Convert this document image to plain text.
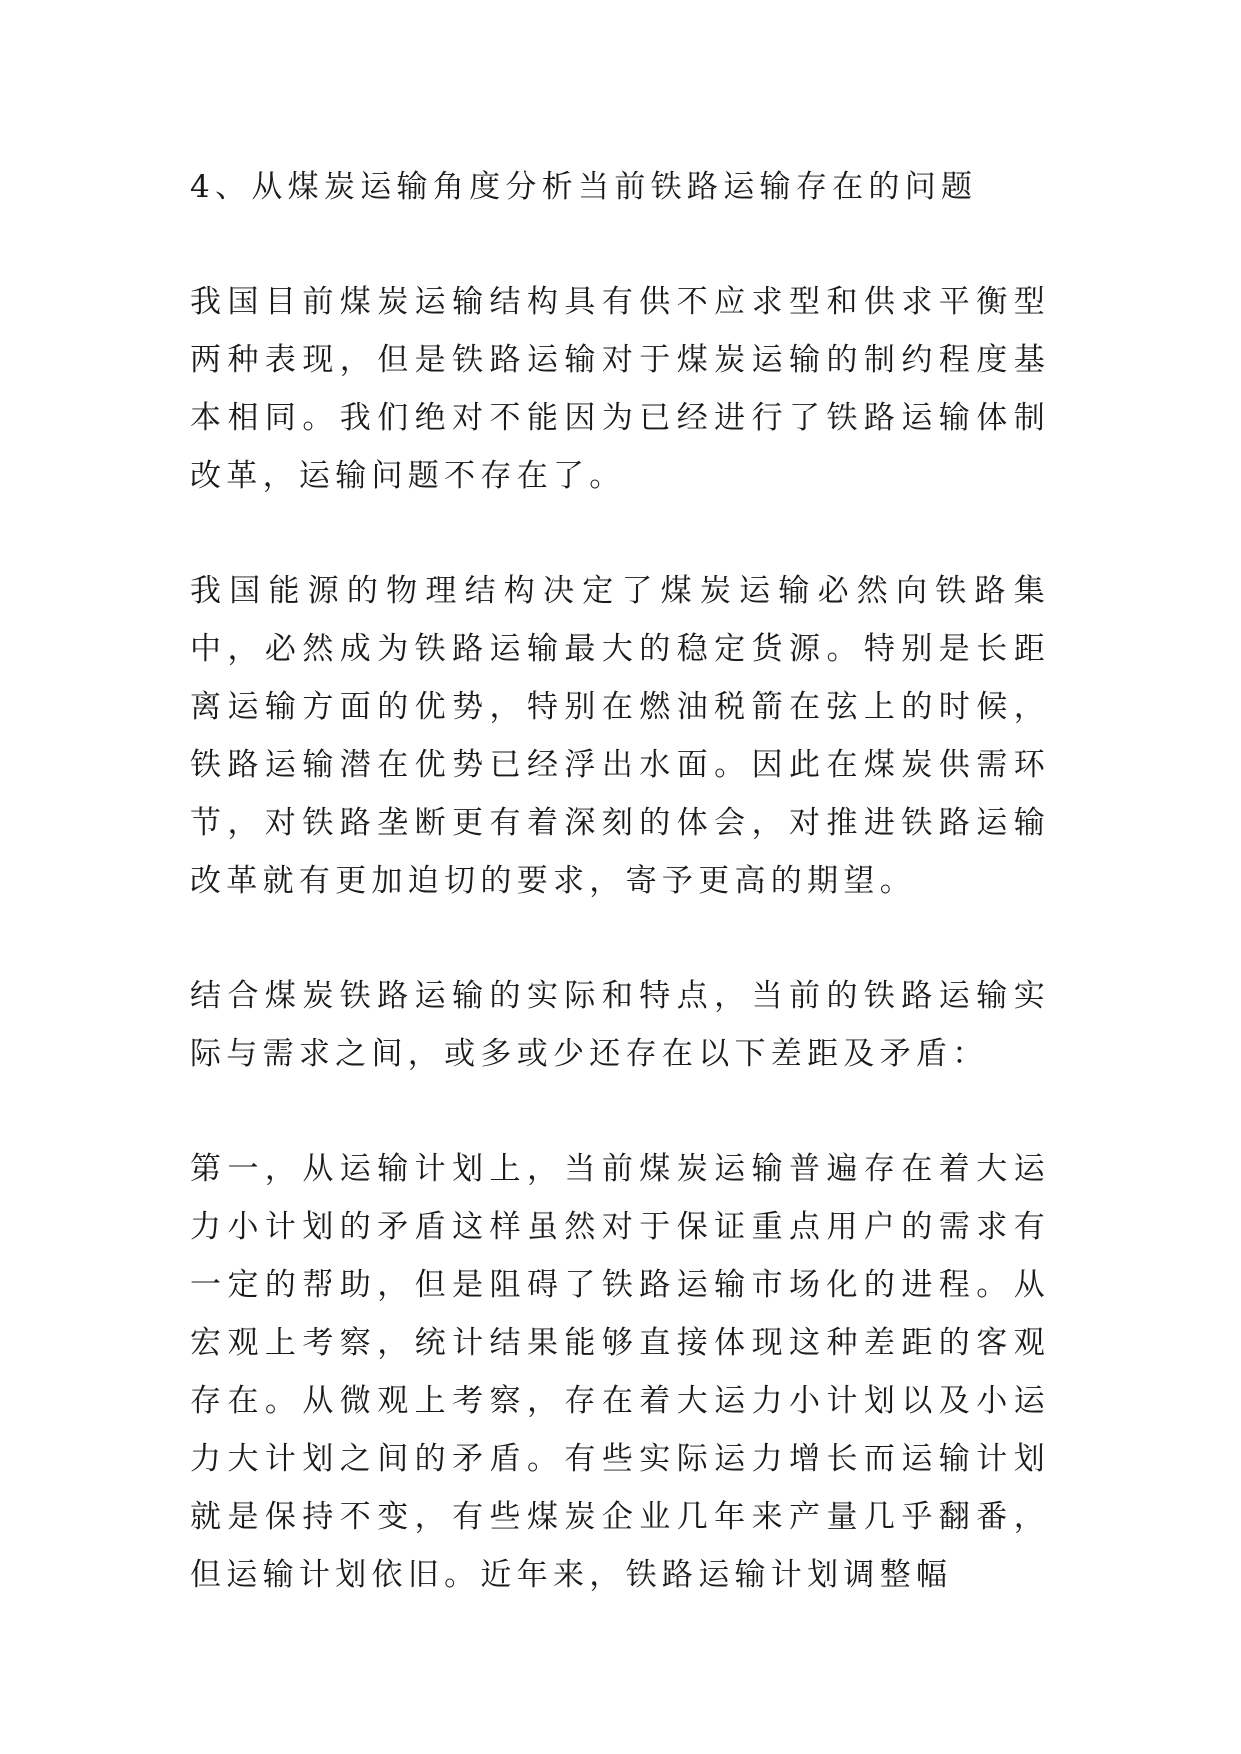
4、从煤炭运输角度分析当前铁路运输存在的问题

我国目前煤炭运输结构具有供不应求型和供求平衡型两种表现，但是铁路运输对于煤炭运输的制约程度基本相同。我们绝对不能因为已经进行了铁路运输体制改革，运输问题不存在了。

我国能源的物理结构决定了煤炭运输必然向铁路集中，必然成为铁路运输最大的稳定货源。特别是长距离运输方面的优势，特别在燃油税箭在弦上的时候，铁路运输潜在优势已经浮出水面。因此在煤炭供需环节，对铁路垄断更有着深刻的体会，对推进铁路运输改革就有更加迫切的要求，寄予更高的期望。

结合煤炭铁路运输的实际和特点，当前的铁路运输实际与需求之间，或多或少还存在以下差距及矛盾：

第一，从运输计划上，当前煤炭运输普遍存在着大运力小计划的矛盾这样虽然对于保证重点用户的需求有一定的帮助，但是阻碍了铁路运输市场化的进程。从宏观上考察，统计结果能够直接体现这种差距的客观存在。从微观上考察，存在着大运力小计划以及小运力大计划之间的矛盾。有些实际运力增长而运输计划就是保持不变，有些煤炭企业几年来产量几乎翻番，但运输计划依旧。近年来，铁路运输计划调整幅
